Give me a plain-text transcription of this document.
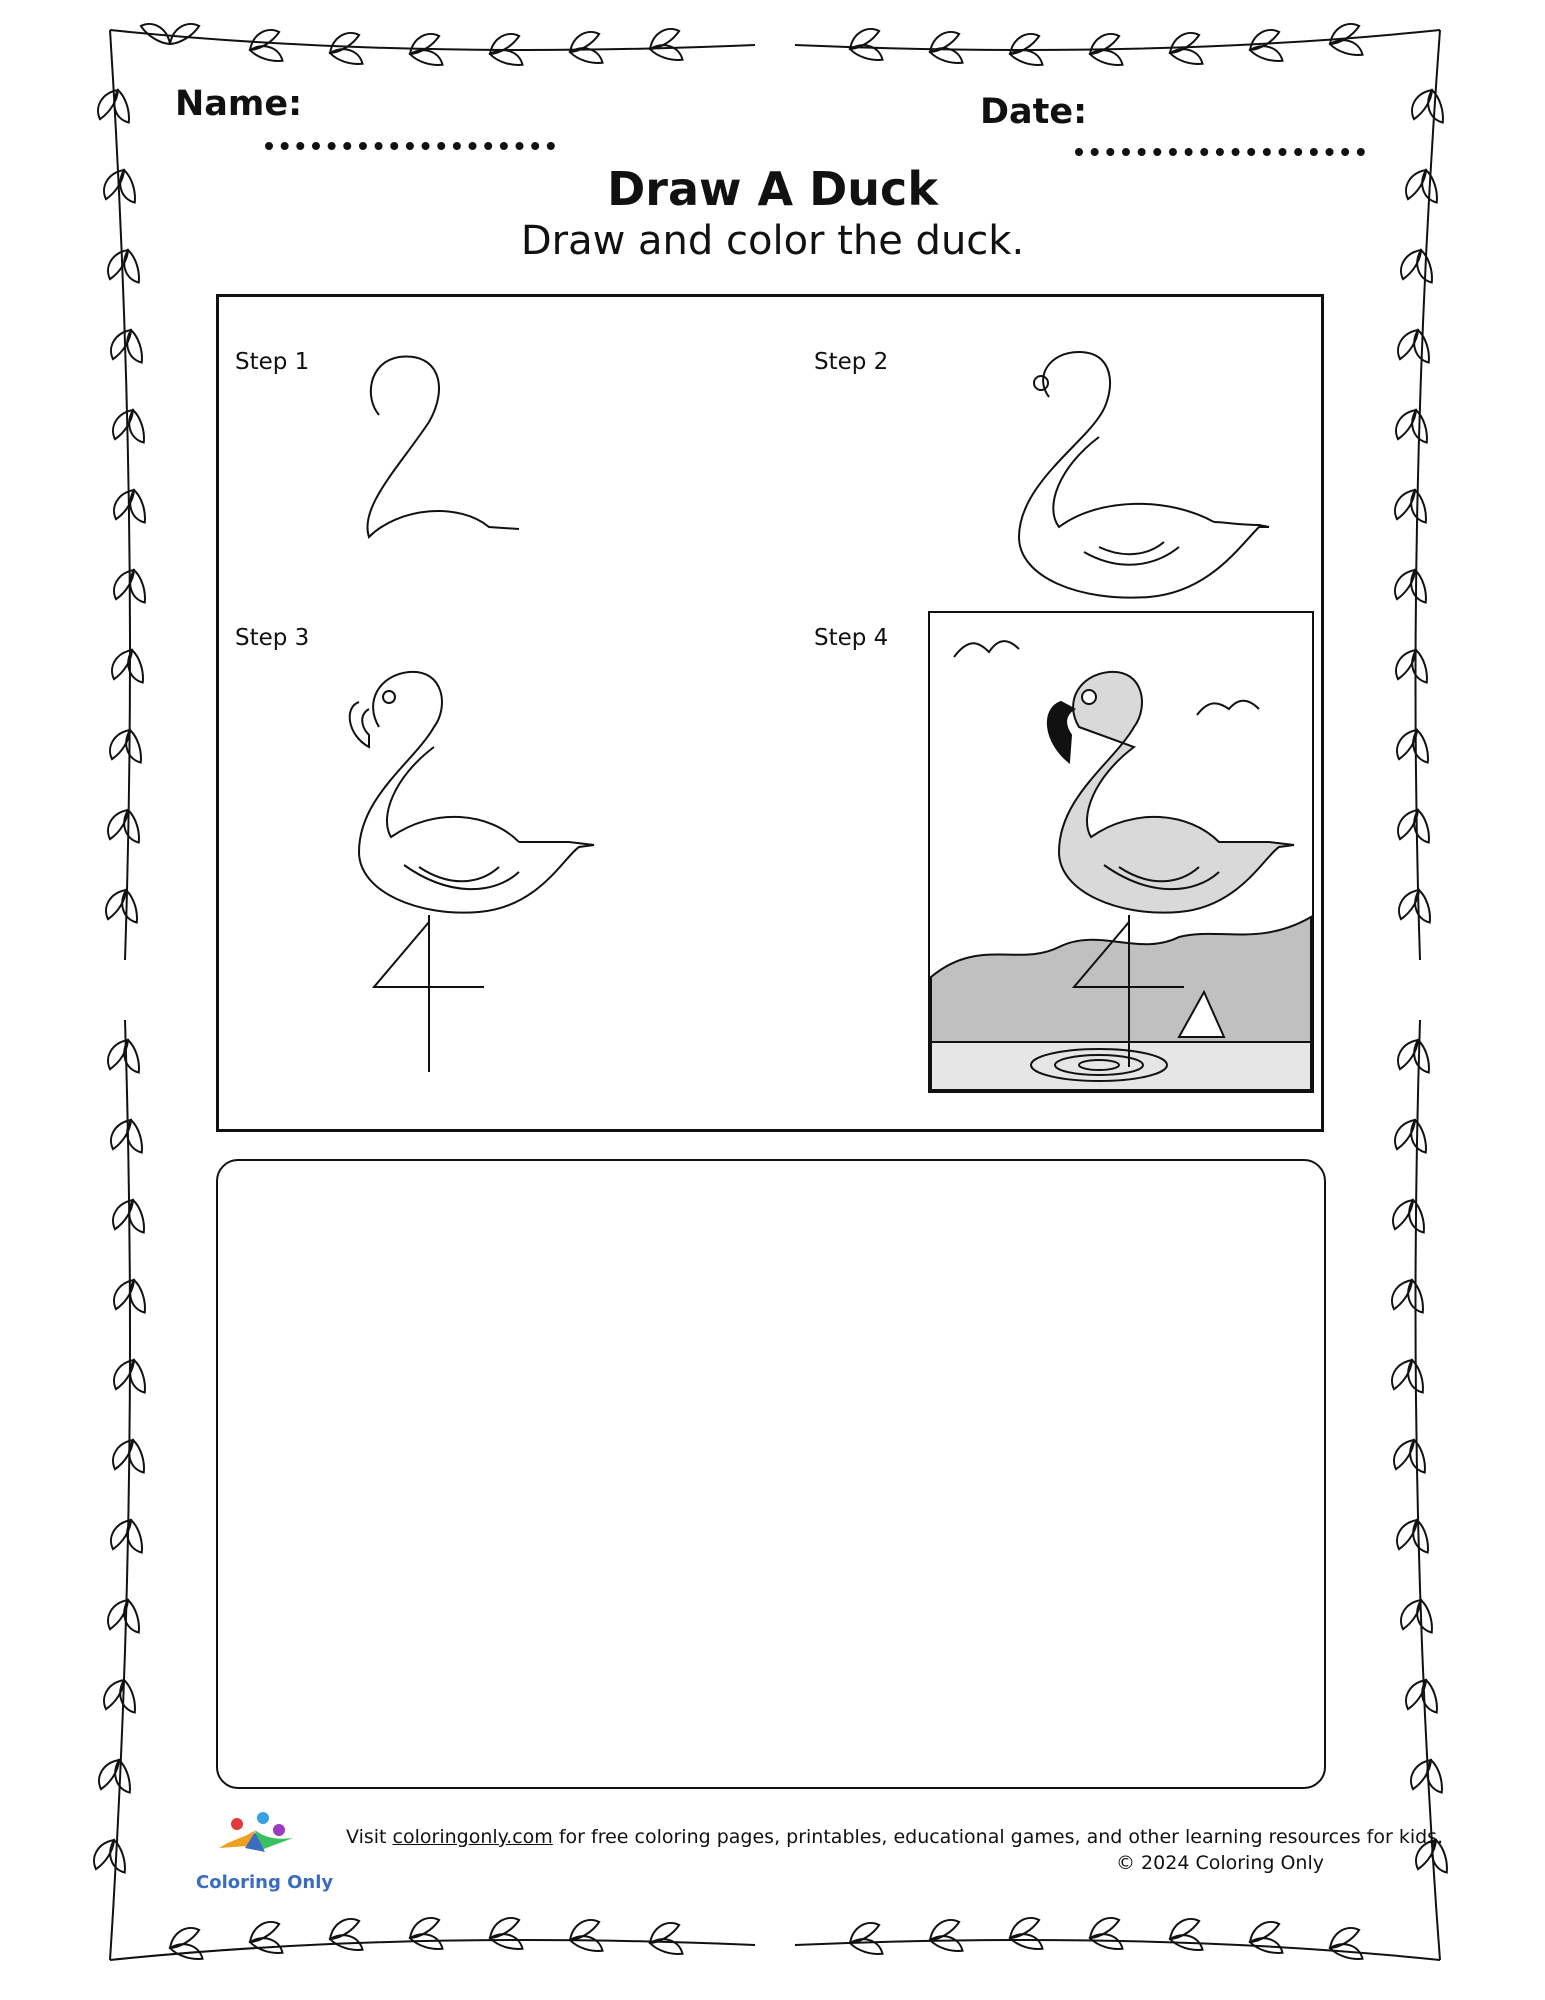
Name:	Date:
Draw A Duck
Draw and color the duck.
Step 1	Step 2
Step 3	Step 4
Coloring Only
Visit coloringonly.com for free coloring pages, printables, educational games, and other learning resources for kids.
© 2024 Coloring Only
